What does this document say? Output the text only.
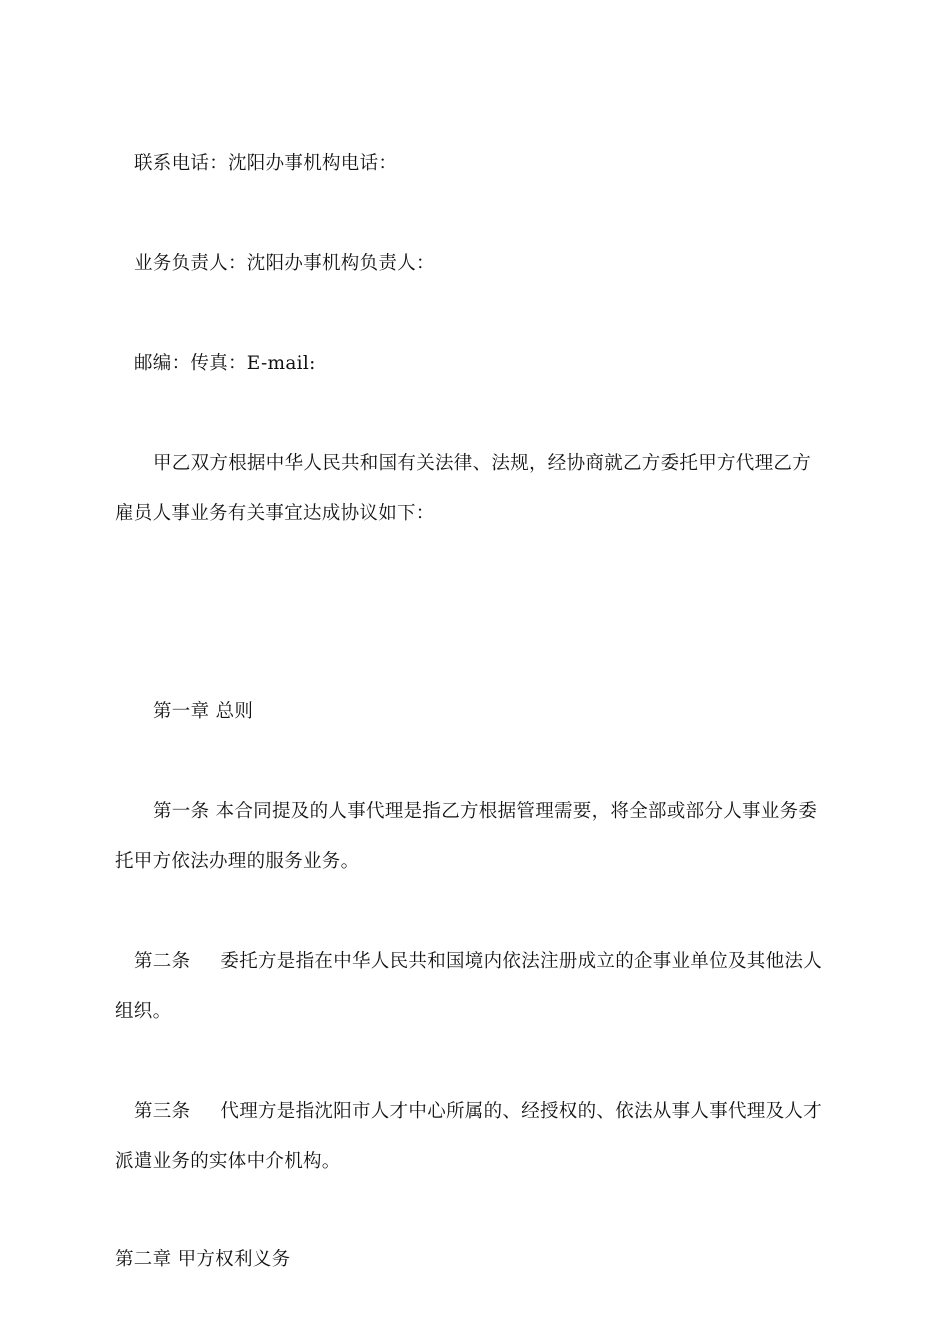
联系电话：沈阳办事机构电话：
业务负责人：沈阳办事机构负责人：
邮编：传真：E-mail:
甲乙双方根据中华人民共和国有关法律、法规，经协商就乙方委托甲方代理乙方
雇员人事业务有关事宜达成协议如下：
第一章 总则
第一条 本合同提及的人事代理是指乙方根据管理需要，将全部或部分人事业务委
托甲方依法办理的服务业务。
第二条 委托方是指在中华人民共和国境内依法注册成立的企事业单位及其他法人
组织。
第三条 代理方是指沈阳市人才中心所属的、经授权的、依法从事人事代理及人才
派遣业务的实体中介机构。
第二章 甲方权利义务
